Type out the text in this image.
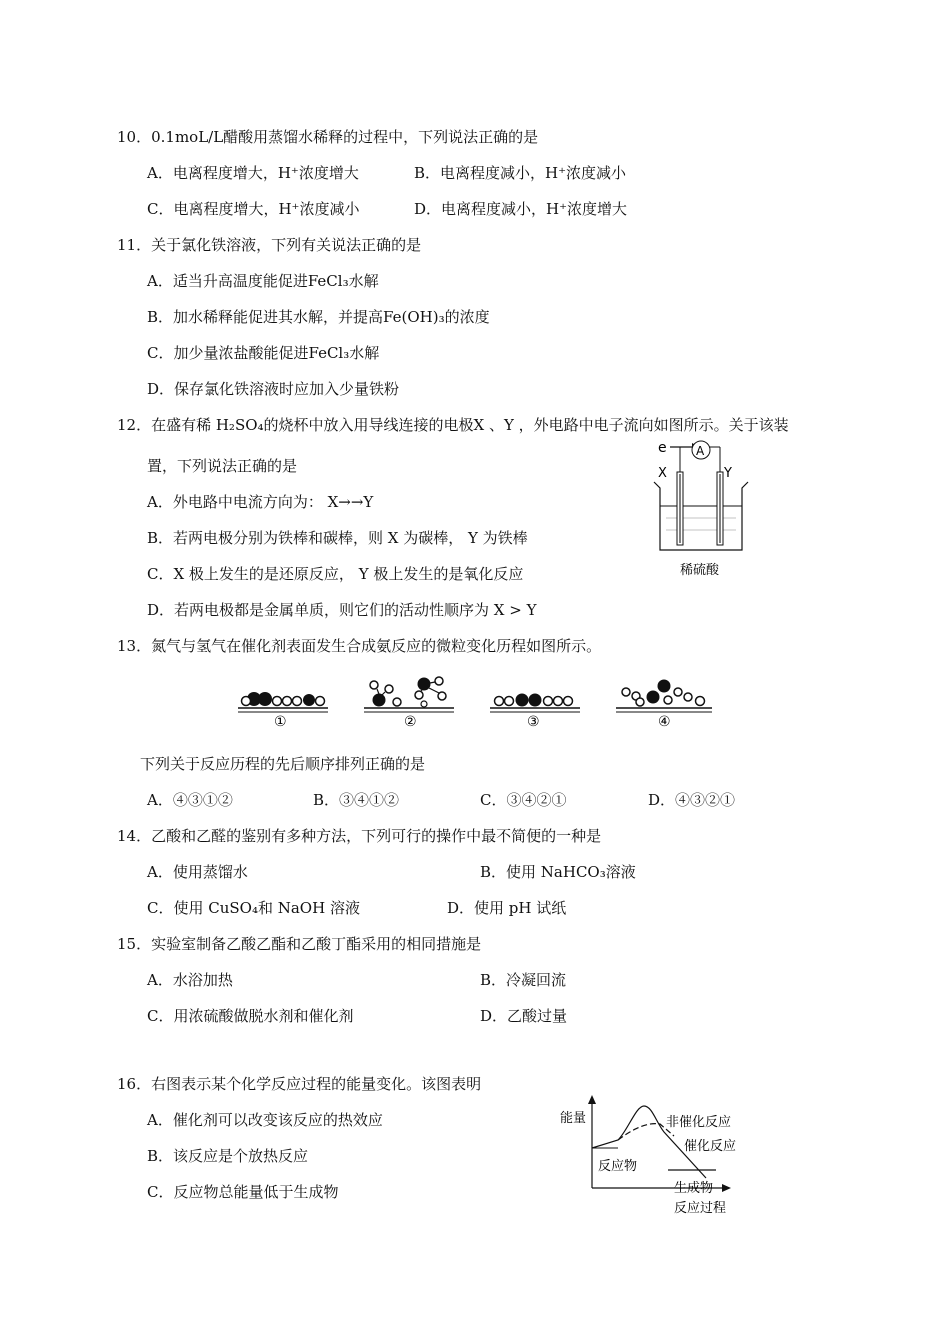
10．0.1moL/L醋酸用蒸馏水稀释的过程中，下列说法正确的是
A．电离程度增大，H⁺浓度增大	B．电离程度减小，H⁺浓度减小
C．电离程度增大，H⁺浓度减小	D．电离程度减小，H⁺浓度增大
11．关于氯化铁溶液，下列有关说法正确的是
A．适当升高温度能促进FeCl₃水解
B．加水稀释能促进其水解，并提高Fe(OH)₃的浓度
C．加少量浓盐酸能促进FeCl₃水解
D．保存氯化铁溶液时应加入少量铁粉
12．在盛有稀 H₂SO₄的烧杯中放入用导线连接的电极X 、Y ，外电路中电子流向如图所示。关于该装
置，下列说法正确的是
A．外电路中电流方向为： X→→Y
B．若两电极分别为铁棒和碳棒，则 X 为碳棒， Y 为铁棒
C．X 极上发生的是还原反应， Y 极上发生的是氧化反应
D．若两电极都是金属单质，则它们的活动性顺序为 X > Y
e A
X	Y
稀硫酸
13．氮气与氢气在催化剂表面发生合成氨反应的微粒变化历程如图所示。
①	②	③	④
下列关于反应历程的先后顺序排列正确的是
A．④③①②	B．③④①②	C．③④②①	D．④③②①
14．乙酸和乙醛的鉴别有多种方法，下列可行的操作中最不简便的一种是
A．使用蒸馏水	B．使用 NaHCO₃溶液
C．使用 CuSO₄和 NaOH 溶液	D．使用 pH 试纸
15．实验室制备乙酸乙酯和乙酸丁酯采用的相同措施是
A．水浴加热	B．冷凝回流
C．用浓硫酸做脱水剂和催化剂	D．乙酸过量
16．右图表示某个化学反应过程的能量变化。该图表明
A．催化剂可以改变该反应的热效应
B．该反应是个放热反应
C．反应物总能量低于生成物
能量	非催化反应
催化反应
反应物
生成物
反应过程
